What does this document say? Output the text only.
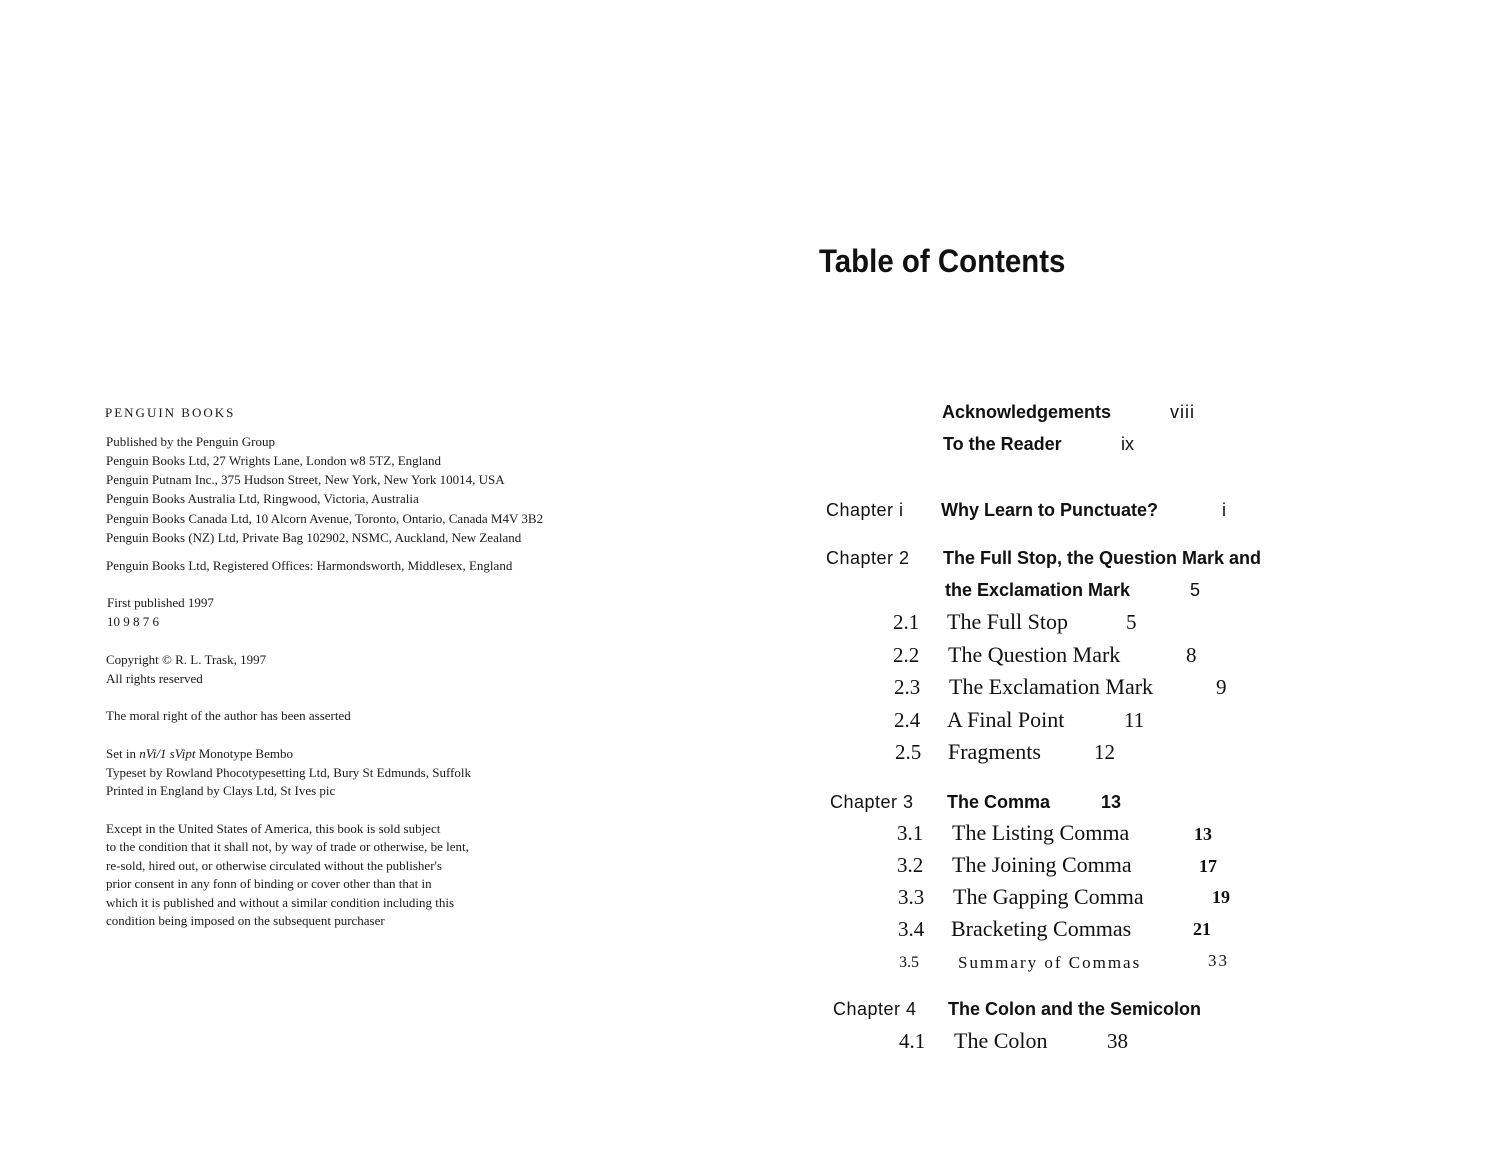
PENGUIN BOOKS
Published by the Penguin Group
Penguin Books Ltd, 27 Wrights Lane, London w8 5TZ, England
Penguin Putnam Inc., 375 Hudson Street, New York, New York 10014, USA
Penguin Books Australia Ltd, Ringwood, Victoria, Australia
Penguin Books Canada Ltd, 10 Alcorn Avenue, Toronto, Ontario, Canada M4V 3B2
Penguin Books (NZ) Ltd, Private Bag 102902, NSMC, Auckland, New Zealand
Penguin Books Ltd, Registered Offices: Harmondsworth, Middlesex, England
First published 1997
10 9 8 7 6
Copyright © R. L. Trask, 1997
All rights reserved
The moral right of the author has been asserted
Set in nVi/1 sVipt Monotype Bembo
Typeset by Rowland Phocotypesetting Ltd, Bury St Edmunds, Suffolk
Printed in England by Clays Ltd, St Ives pic
Except in the United States of America, this book is sold subject
to the condition that it shall not, by way of trade or otherwise, be lent,
re-sold, hired out, or otherwise circulated without the publisher's
prior consent in any fonn of binding or cover other than that in
which it is published and without a similar condition including this
condition being imposed on the subsequent purchaser
Table of Contents
Acknowledgements	viii
To the Reader	ix
Chapter i Why Learn to Punctuate?	i
Chapter 2 The Full Stop, the Question Mark and
the Exclamation Mark	5
2.1 The Full Stop	5
2.2 The Question Mark	8
2.3 The Exclamation Mark	9
2.4 A Final Point	11
2.5 Fragments	12
Chapter 3 The Comma	13
3.1 The Listing Comma	13
3.2 The Joining Comma	17
3.3 The Gapping Comma	19
3.4 Bracketing Commas	21
3.5 Summary of Commas	33
Chapter 4 The Colon and the Semicolon
4.1 The Colon	38
